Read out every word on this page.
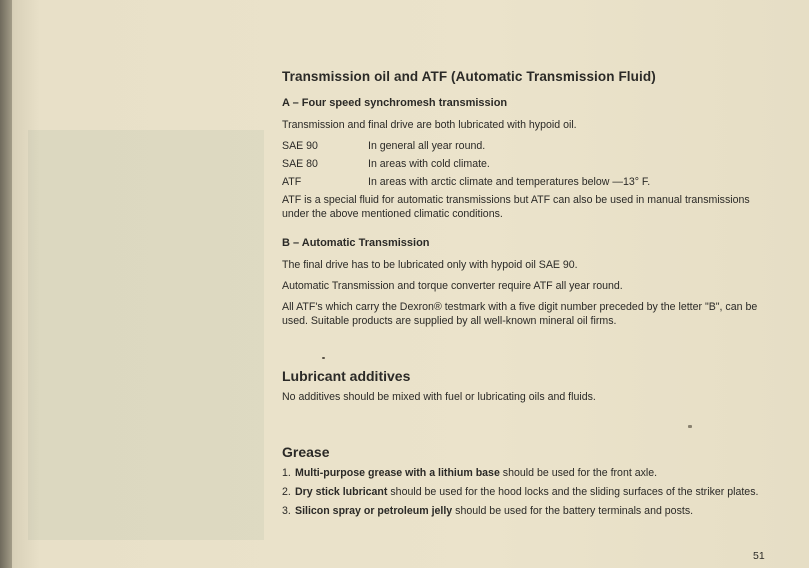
Transmission oil and ATF (Automatic Transmission Fluid)
A – Four speed synchromesh transmission

Transmission and final drive are both lubricated with hypoid oil.

SAE 90	In general all year round.
SAE 80	In areas with cold climate.
ATF	In areas with arctic climate and temperatures below —13° F.

ATF is a special fluid for automatic transmissions but ATF can also be used in manual transmissions under the above mentioned climatic conditions.

B – Automatic Transmission

The final drive has to be lubricated only with hypoid oil SAE 90.

Automatic Transmission and torque converter require ATF all year round.

All ATF's which carry the Dexron® testmark with a five digit number preceded by the letter "B", can be used. Suitable products are supplied by all well-known mineral oil firms.

Lubricant additives

No additives should be mixed with fuel or lubricating oils and fluids.

Grease
1. Multi-purpose grease with a lithium base should be used for the front axle.
2. Dry stick lubricant should be used for the hood locks and the sliding surfaces of the striker plates.
3. Silicon spray or petroleum jelly should be used for the battery terminals and posts.
51
